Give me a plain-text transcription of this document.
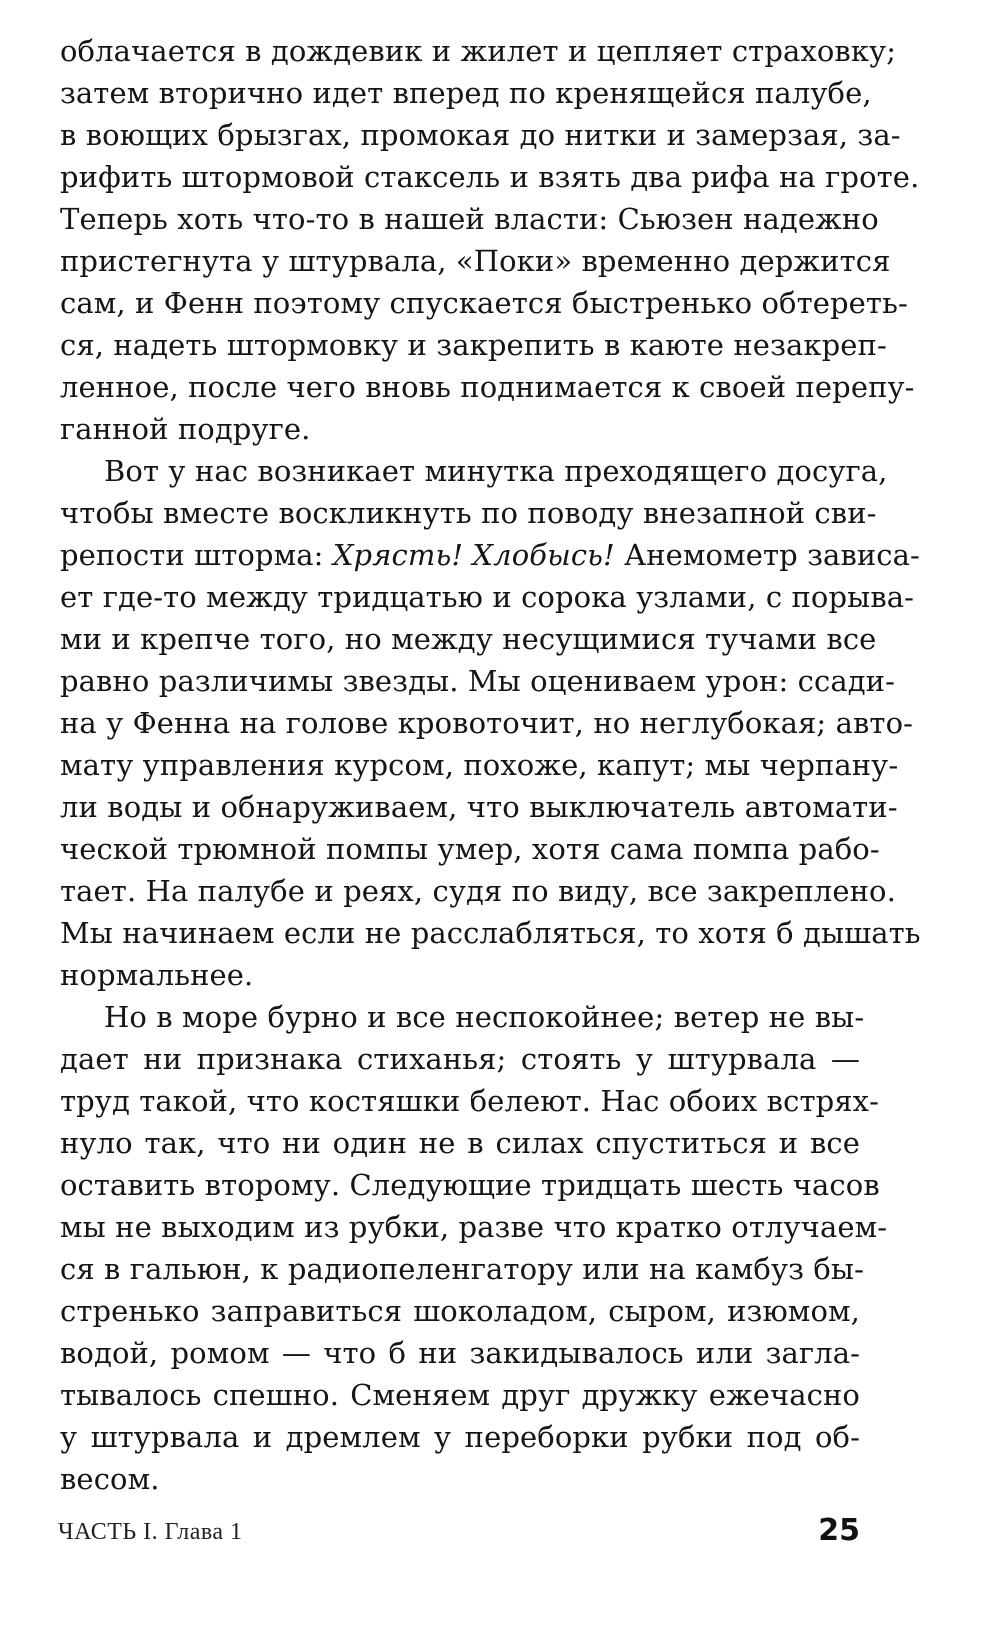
облачается в дождевик и жилет и цепляет страховку;
затем вторично идет вперед по кренящейся палубе,
в воющих брызгах, промокая до нитки и замерзая, за-
рифить штормовой стаксель и взять два рифа на гроте.
Теперь хоть что-то в нашей власти: Сьюзен надежно
пристегнута у штурвала, «Поки» временно держится
сам, и Фенн поэтому спускается быстренько обтереть-
ся, надеть штормовку и закрепить в каюте незакреп-
ленное, после чего вновь поднимается к своей перепу-
ганной подруге.
Вот у нас возникает минутка преходящего досуга,
чтобы вместе воскликнуть по поводу внезапной сви-
репости шторма: Хрясть! Хлобысь! Анемометр зависа-
ет где-то между тридцатью и сорока узлами, с порыва-
ми и крепче того, но между несущимися тучами все
равно различимы звезды. Мы оцениваем урон: ссади-
на у Фенна на голове кровоточит, но неглубокая; авто-
мату управления курсом, похоже, капут; мы черпану-
ли воды и обнаруживаем, что выключатель автомати-
ческой трюмной помпы умер, хотя сама помпа рабо-
тает. На палубе и реях, судя по виду, все закреплено.
Мы начинаем если не расслабляться, то хотя б дышать
нормальнее.
Но в море бурно и все неспокойнее; ветер не вы-
дает ни признака стиханья; стоять у штурвала —
труд такой, что костяшки белеют. Нас обоих встрях-
нуло так, что ни один не в силах спуститься и все
оставить второму. Следующие тридцать шесть часов
мы не выходим из рубки, разве что кратко отлучаем-
ся в гальюн, к радиопеленгатору или на камбуз бы-
стренько заправиться шоколадом, сыром, изюмом,
водой, ромом — что б ни закидывалось или загла-
тывалось спешно. Сменяем друг дружку ежечасно
у штурвала и дремлем у переборки рубки под об-
весом.
ЧАСТЬ I. Глава 1	25
